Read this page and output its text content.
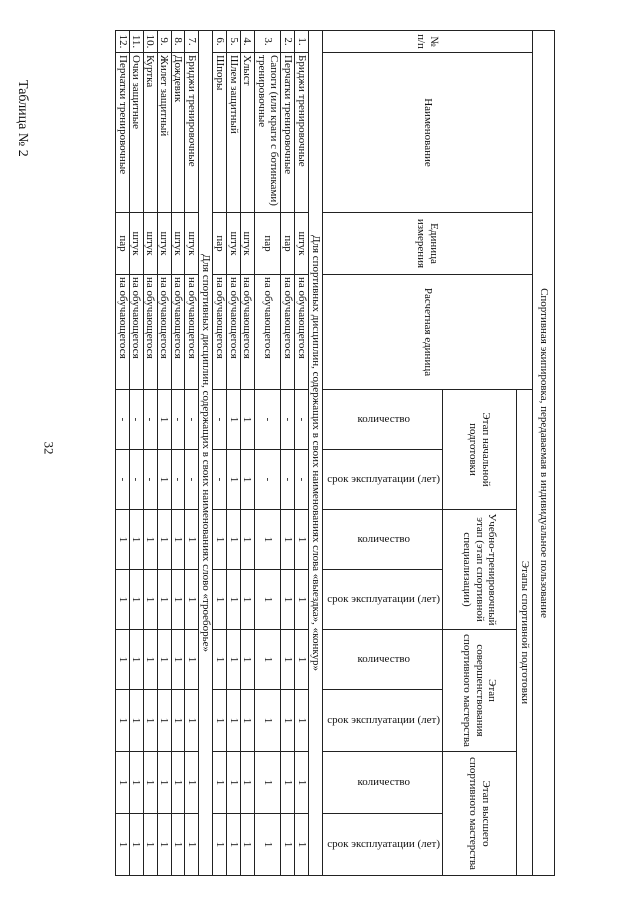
32
Таблица № 2
Спортивная экипировка, передаваемая в индивидуальное пользование											
№ п/п	Наименование	Единица измерения	Расчетная единица	Этапы спортивной подготовки							
				Этап начальной подготовки		Учебно-тренировочный этап (этап спортивной специализации)		Этап совершенствования спортивного мастерства		Этап высшего спортивного мастерства	
				количество	срок эксплуатации (лет)	количество	срок эксплуатации (лет)	количество	срок эксплуатации (лет)	количество	срок эксплуатации (лет)
Для спортивных дисциплин, содержащих в своих наименованиях слова «выездка», «конкур»											
1.	Бриджи тренировочные	штук	на обучающегося	-	-	1	1	1	1	1	1
2.	Перчатки тренировочные	пар	на обучающегося	-	-	1	1	1	1	1	1
3.	Сапоги (или краги с ботинками) тренировочные	пар	на обучающегося	-	-	1	1	1	1	1	1
4.	Хлыст	штук	на обучающегося	1	1	1	1	1	1	1	1
5.	Шлем защитный	штук	на обучающегося	1	1	1	1	1	1	1	1
6.	Шпоры	пар	на обучающегося	-	-	1	1	1	1	1	1
Для спортивных дисциплин, содержащих в своих наименованиях слово «троеборье»											
7.	Бриджи тренировочные	штук	на обучающегося	-	-	1	1	1	1	1	1
8.	Дождевик	штук	на обучающегося	-	-	1	1	1	1	1	1
9.	Жилет защитный	штук	на обучающегося	1	1	1	1	1	1	1	1
10.	Куртка	штук	на обучающегося	-	-	1	1	1	1	1	1
11.	Очки защитные	штук	на обучающегося	-	-	1	1	1	1	1	1
12.	Перчатки тренировочные	пар	на обучающегося	-	-	1	1	1	1	1	1
